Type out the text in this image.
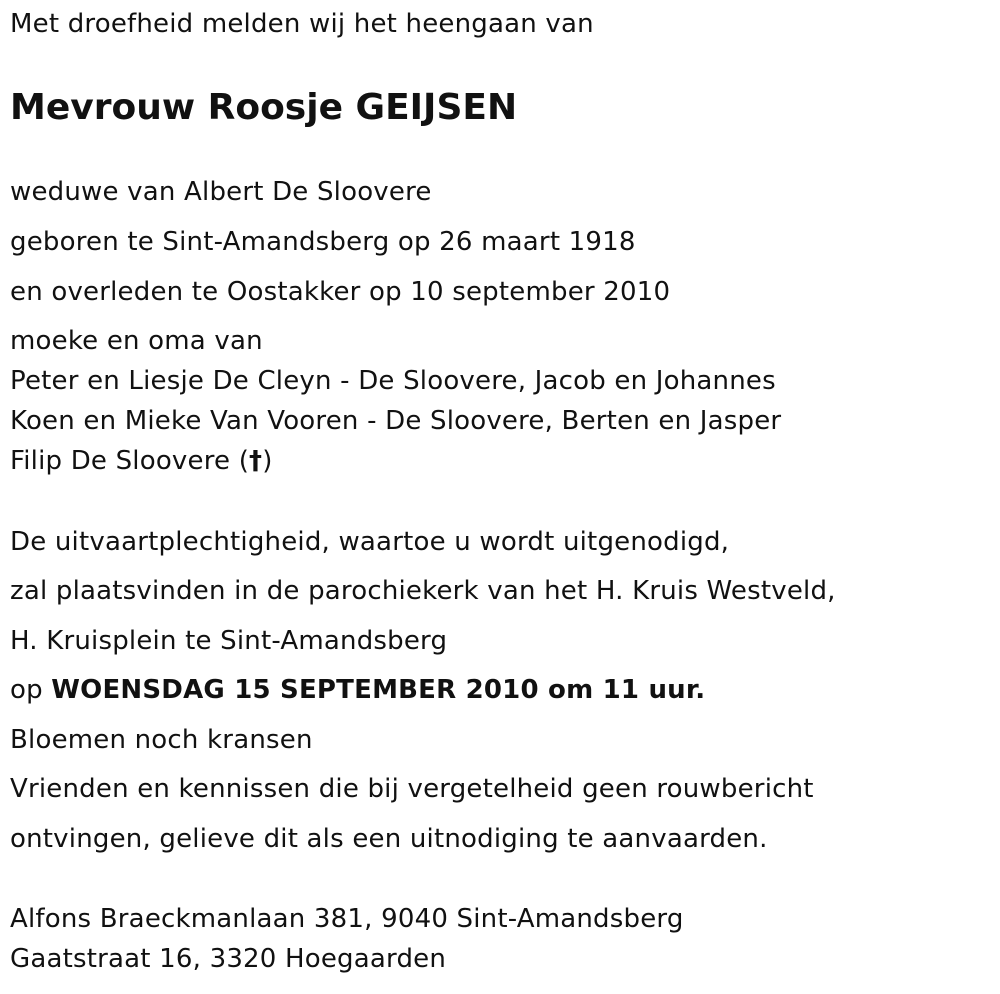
Met droefheid melden wij het heengaan van
Mevrouw Roosje GEIJSEN
weduwe van Albert De Sloovere
geboren te Sint-Amandsberg op 26 maart 1918
en overleden te Oostakker op 10 september 2010
moeke en oma van
Peter en Liesje De Cleyn - De Sloovere, Jacob en Johannes
Koen en Mieke Van Vooren - De Sloovere, Berten en Jasper
Filip De Sloovere (†)
De uitvaartplechtigheid, waartoe u wordt uitgenodigd,
zal plaatsvinden in de parochiekerk van het H. Kruis Westveld,
H. Kruisplein te Sint-Amandsberg
op WOENSDAG 15 SEPTEMBER 2010 om 11 uur.
Bloemen noch kransen
Vrienden en kennissen die bij vergetelheid geen rouwbericht
ontvingen, gelieve dit als een uitnodiging te aanvaarden.
Alfons Braeckmanlaan 381, 9040 Sint-Amandsberg
Gaatstraat 16, 3320 Hoegaarden
